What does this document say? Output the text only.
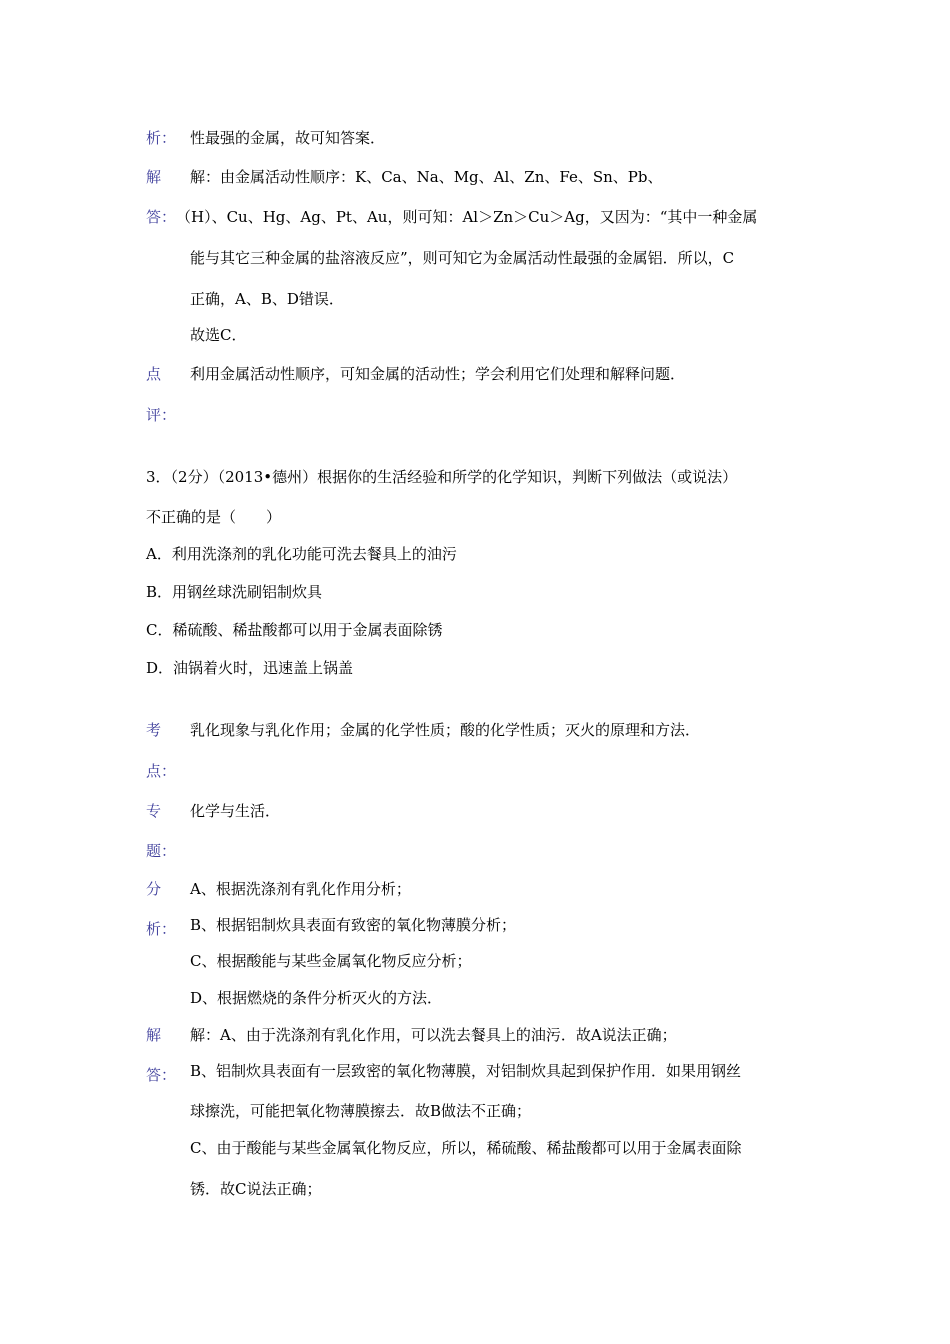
析：
解
答：
点
评：
性最强的金属，故可知答案．
解：由金属活动性顺序：K、Ca、Na、Mg、Al、Zn、Fe、Sn、Pb、
（H）、Cu、Hg、Ag、Pt、Au，则可知：Al＞Zn＞Cu＞Ag，又因为：“其中一种金属
能与其它三种金属的盐溶液反应”，则可知它为金属活动性最强的金属铝．所以，C
正确，A、B、D错误．
故选C．
利用金属活动性顺序，可知金属的活动性；学会利用它们处理和解释问题．
3．（2分）（2013•德州）根据你的生活经验和所学的化学知识，判断下列做法（或说法）
不正确的是（　　）
A．利用洗涤剂的乳化功能可洗去餐具上的油污
B．用钢丝球洗刷铝制炊具
C．稀硫酸、稀盐酸都可以用于金属表面除锈
D．油锅着火时，迅速盖上锅盖
考
点：
专
题：
分
析：
解
答：
乳化现象与乳化作用；金属的化学性质；酸的化学性质；灭火的原理和方法．
化学与生活．
A、根据洗涤剂有乳化作用分析；
B、根据铝制炊具表面有致密的氧化物薄膜分析；
C、根据酸能与某些金属氧化物反应分析；
D、根据燃烧的条件分析灭火的方法．
解：A、由于洗涤剂有乳化作用，可以洗去餐具上的油污．故A说法正确；
B、铝制炊具表面有一层致密的氧化物薄膜，对铝制炊具起到保护作用．如果用钢丝
球擦洗，可能把氧化物薄膜擦去．故B做法不正确；
C、由于酸能与某些金属氧化物反应，所以，稀硫酸、稀盐酸都可以用于金属表面除
锈．故C说法正确；
